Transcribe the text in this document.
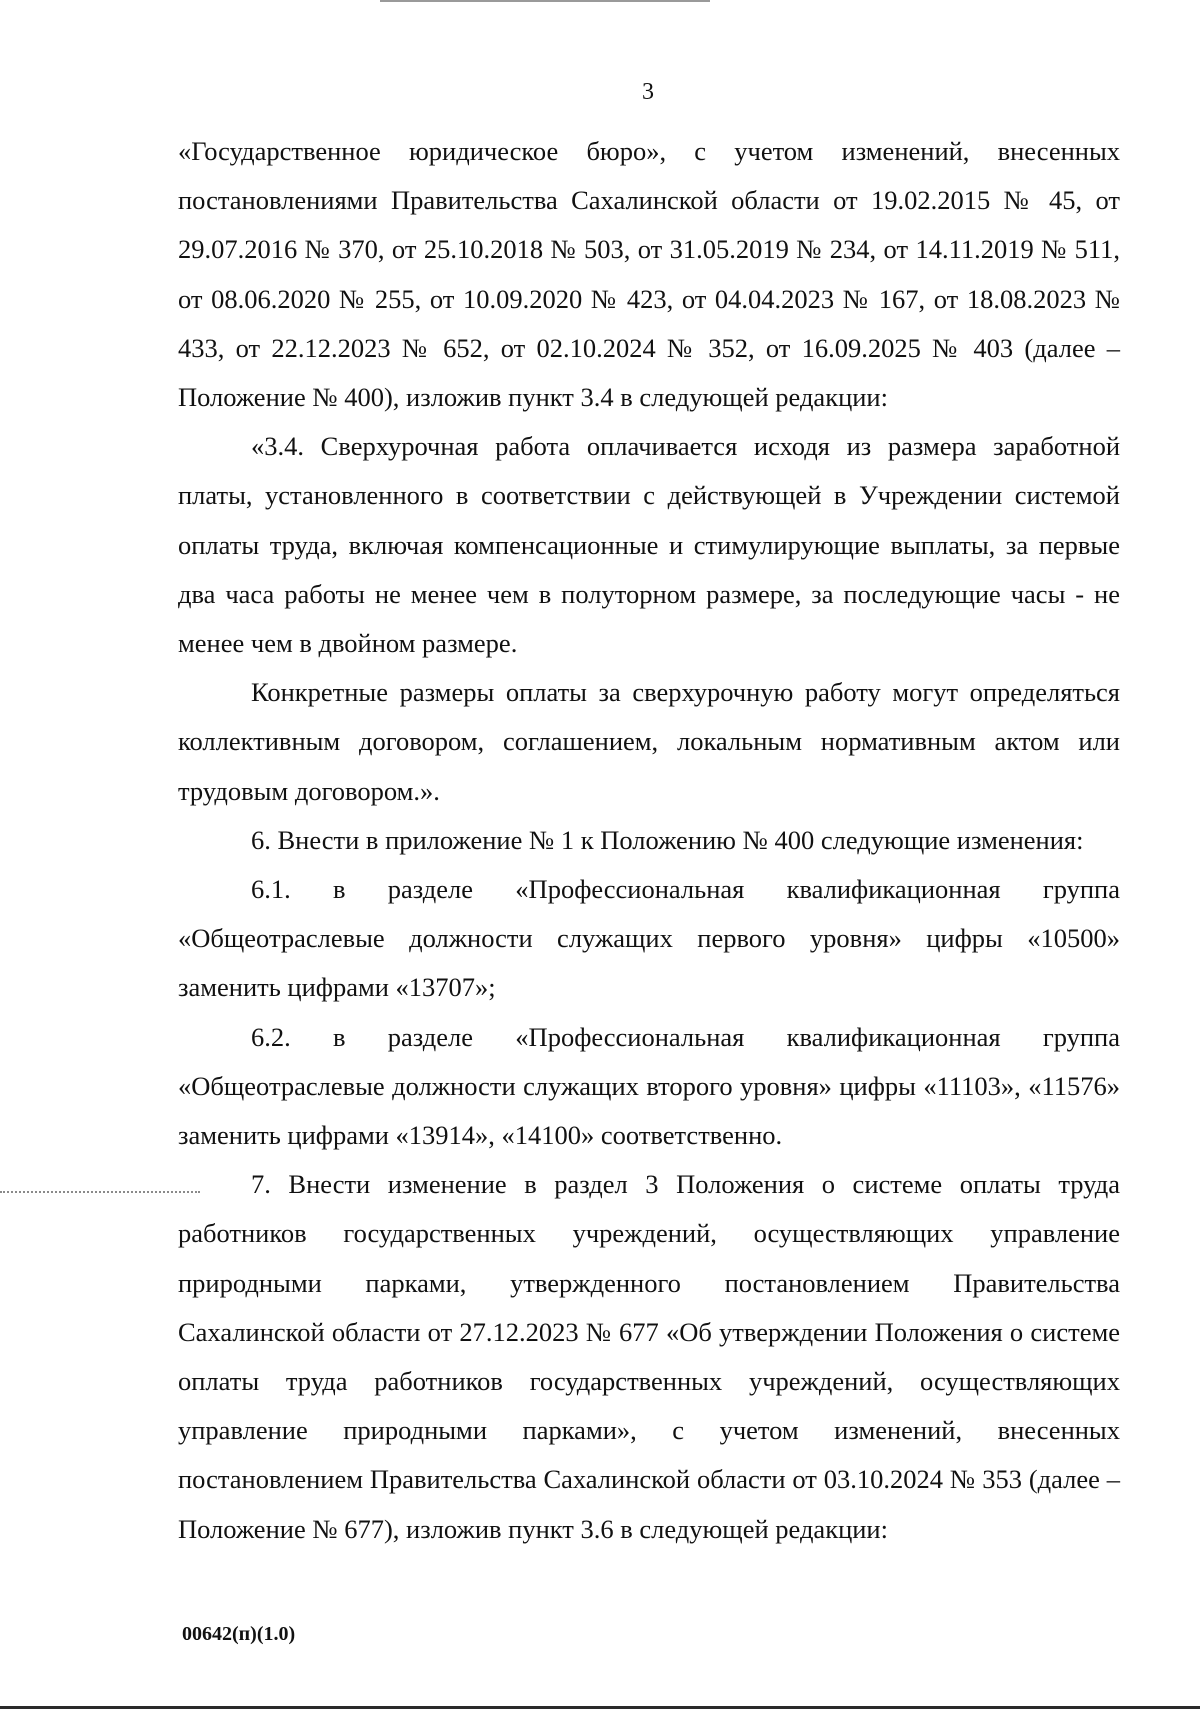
3

«Государственное юридическое бюро», с учетом изменений, внесенных постановлениями Правительства Сахалинской области от 19.02.2015 № 45, от 29.07.2016 № 370, от 25.10.2018 № 503, от 31.05.2019 № 234, от 14.11.2019 № 511, от 08.06.2020 № 255, от 10.09.2020 № 423, от 04.04.2023 № 167, от 18.08.2023 № 433, от 22.12.2023 № 652, от 02.10.2024 № 352, от 16.09.2025 № 403 (далее – Положение № 400), изложив пункт 3.4 в следующей редакции:

«3.4. Сверхурочная работа оплачивается исходя из размера заработной платы, установленного в соответствии с действующей в Учреждении системой оплаты труда, включая компенсационные и стимулирующие выплаты, за первые два часа работы не менее чем в полуторном размере, за последующие часы - не менее чем в двойном размере.

Конкретные размеры оплаты за сверхурочную работу могут определяться коллективным договором, соглашением, локальным нормативным актом или трудовым договором.».

6. Внести в приложение № 1 к Положению № 400 следующие изменения:

6.1. в разделе «Профессиональная квалификационная группа «Общеотраслевые должности служащих первого уровня» цифры «10500» заменить цифрами «13707»;

6.2. в разделе «Профессиональная квалификационная группа «Общеотраслевые должности служащих второго уровня» цифры «11103», «11576» заменить цифрами «13914», «14100» соответственно.

7. Внести изменение в раздел 3 Положения о системе оплаты труда работников государственных учреждений, осуществляющих управление природными парками, утвержденного постановлением Правительства Сахалинской области от 27.12.2023 № 677 «Об утверждении Положения о системе оплаты труда работников государственных учреждений, осуществляющих управление природными парками», с учетом изменений, внесенных постановлением Правительства Сахалинской области от 03.10.2024 № 353 (далее – Положение № 677), изложив пункт 3.6 в следующей редакции:

00642(п)(1.0)
